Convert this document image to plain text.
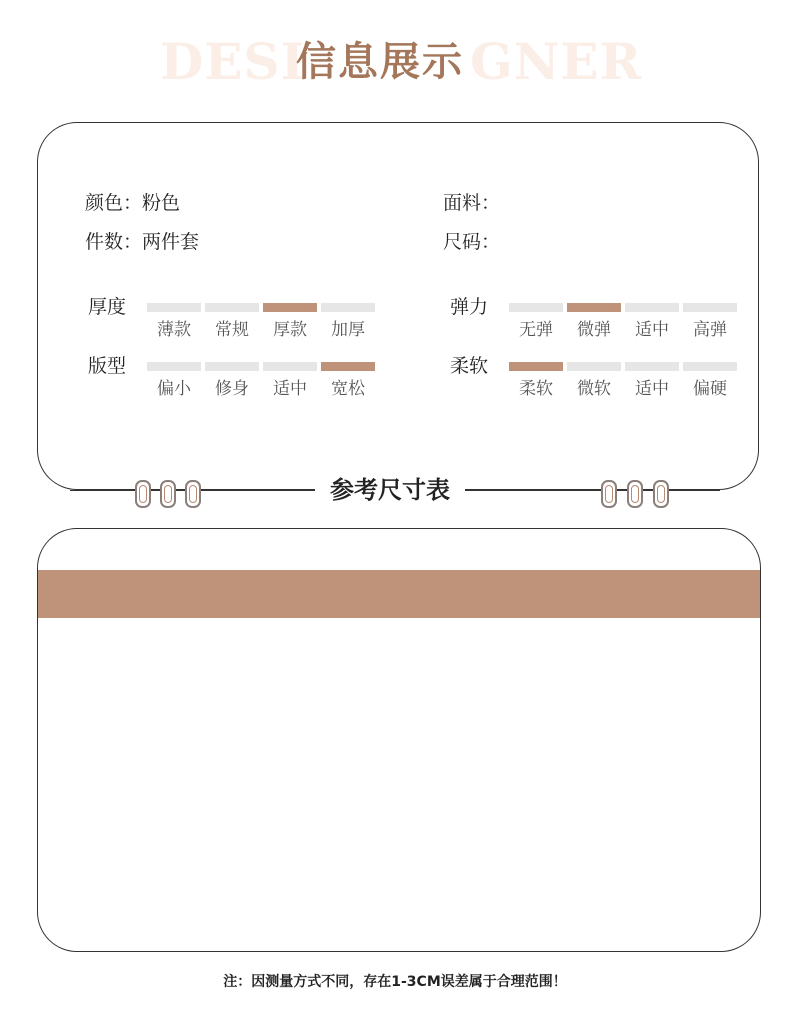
DESI	GNER
信息展示
颜色：粉色	面料：
件数：两件套	尺码：
厚度
薄款	常规	厚款	加厚
弹力
无弹	微弹	适中	高弹
版型
偏小	修身	适中	宽松
柔软
柔软	微软	适中	偏硬
参考尺寸表
注：因测量方式不同，存在1-3CM误差属于合理范围！
